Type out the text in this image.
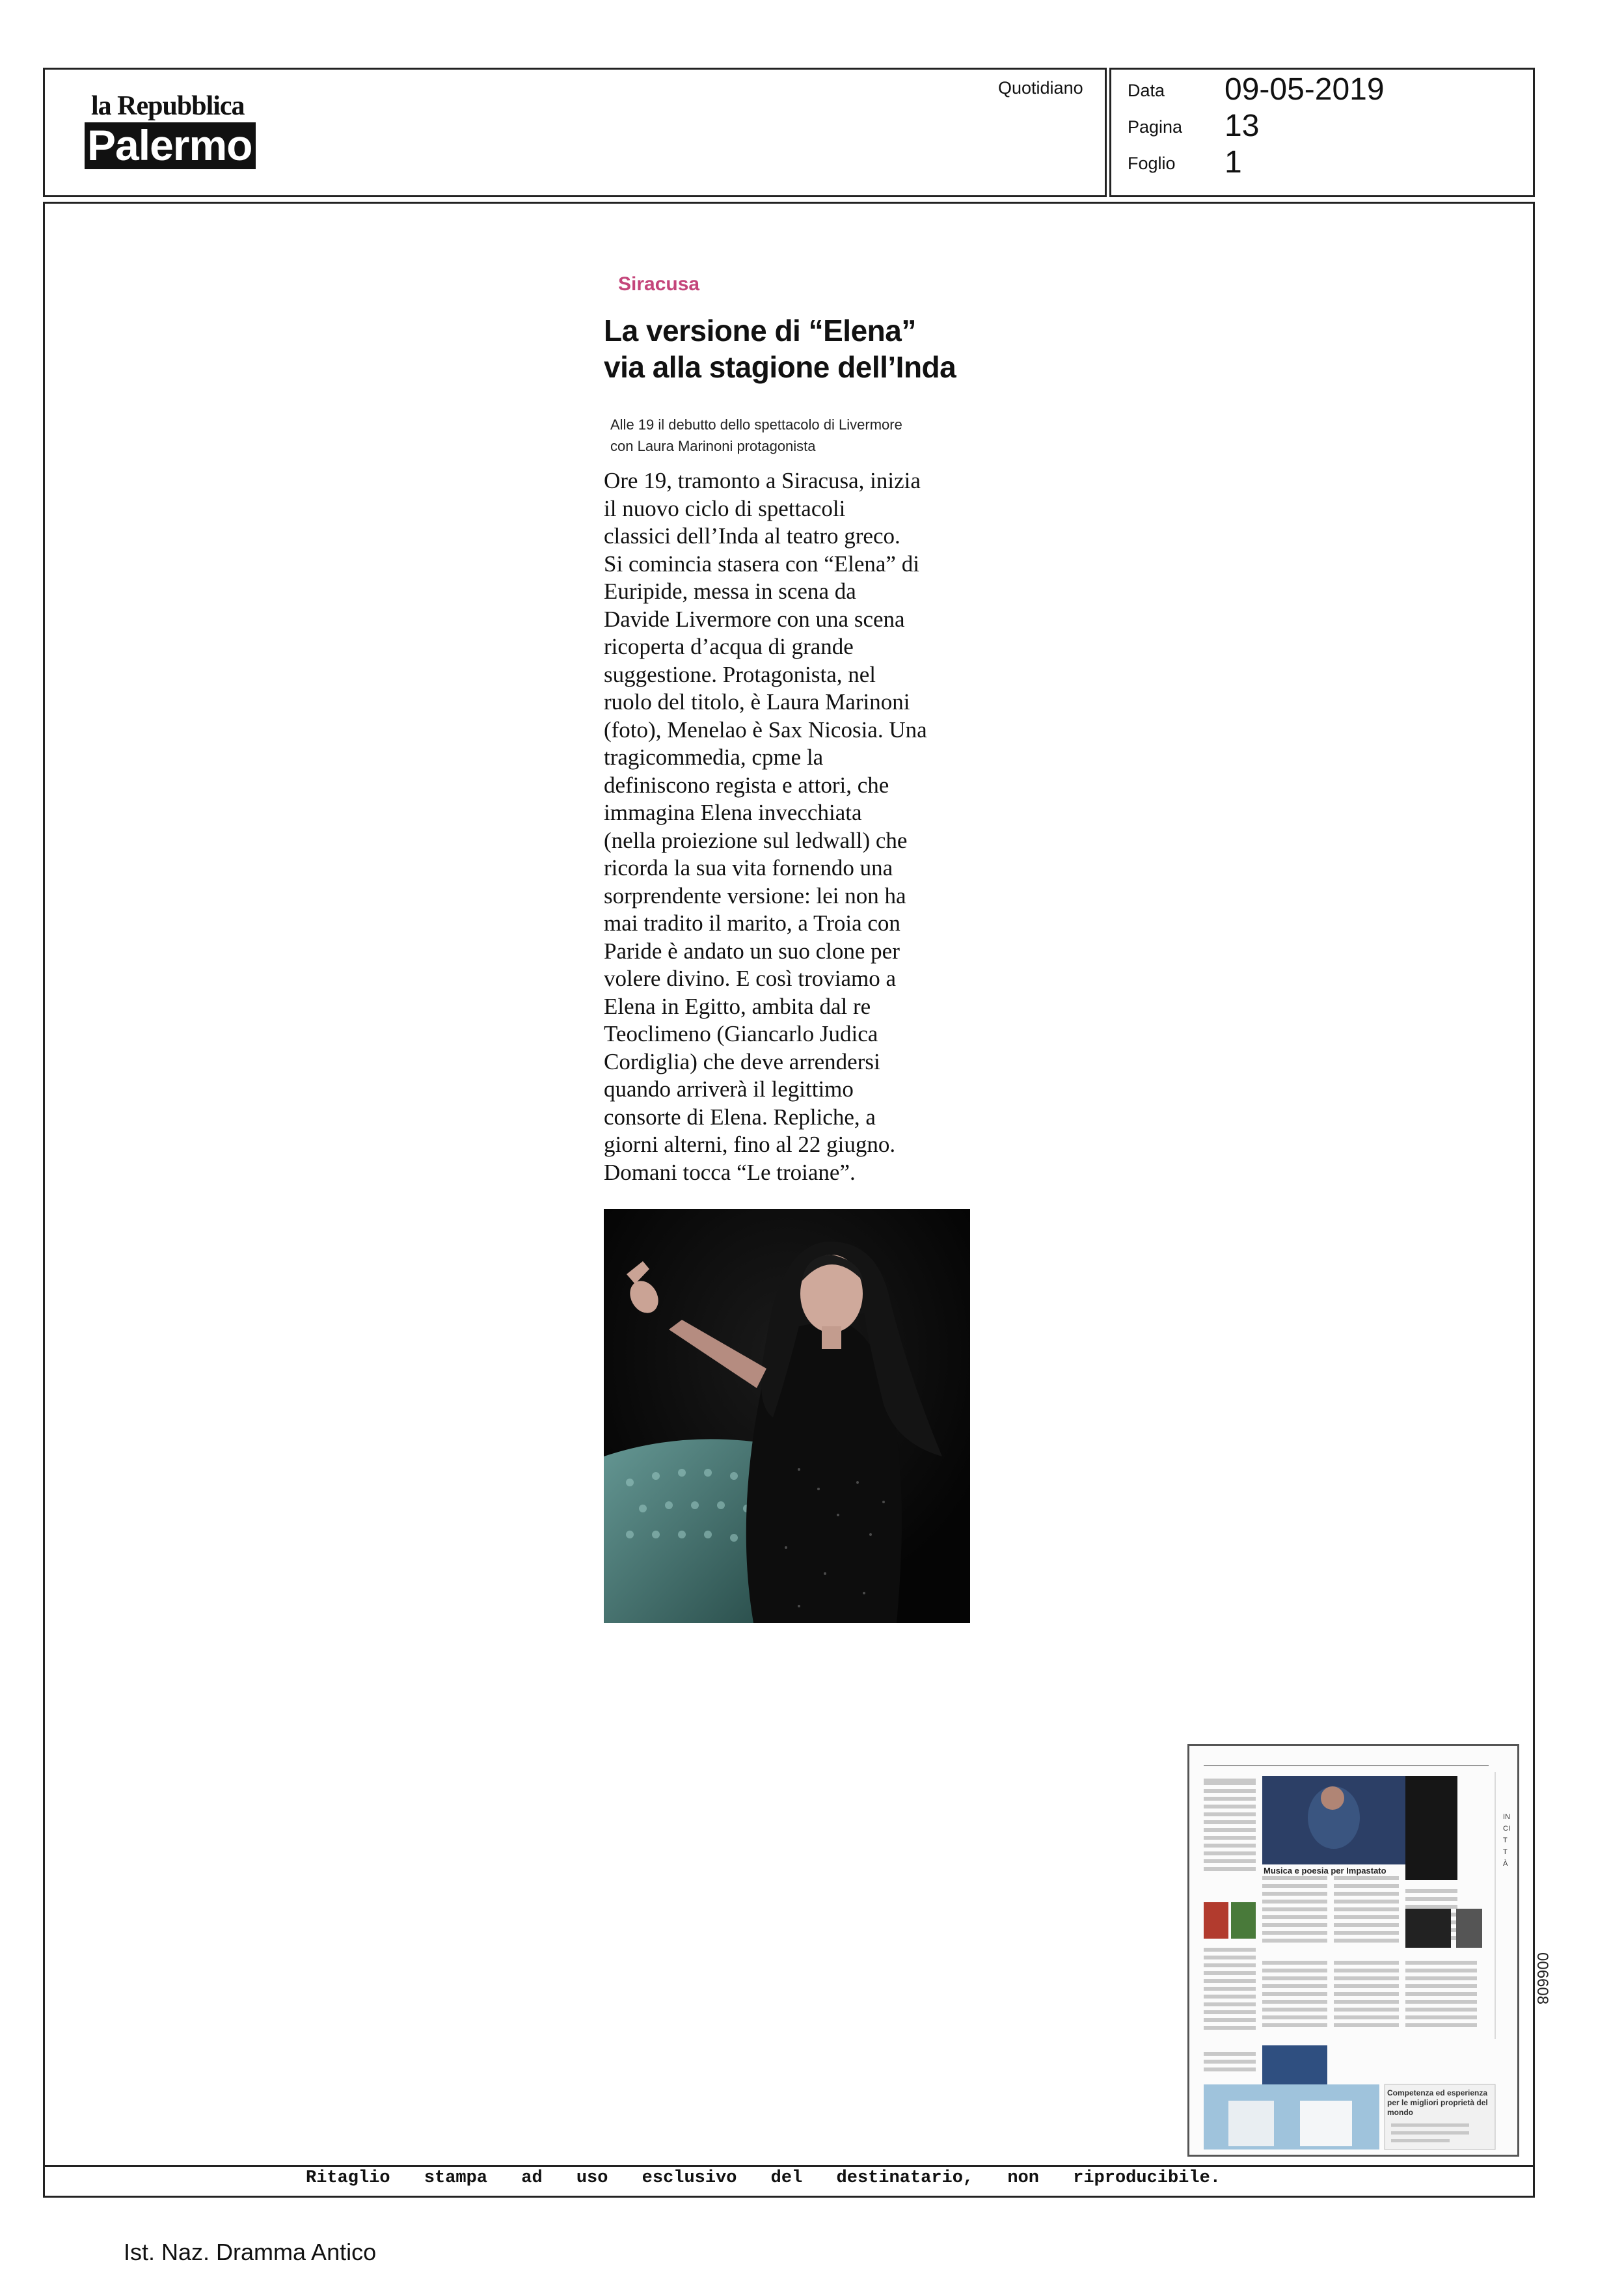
la Repubblica
Palermo
Quotidiano	Data 09-05-2019
Pagina 13
Foglio 1
Siracusa
La versione di “Elena”
via alla stagione dell’Inda
Alle 19 il debutto dello spettacolo di Livermore
con Laura Marinoni protagonista
Ore 19, tramonto a Siracusa, inizia
il nuovo ciclo di spettacoli
classici dell’Inda al teatro greco.
Si comincia stasera con “Elena” di
Euripide, messa in scena da
Davide Livermore con una scena
ricoperta d’acqua di grande
suggestione. Protagonista, nel
ruolo del titolo, è Laura Marinoni
(foto), Menelao è Sax Nicosia. Una
tragicommedia, cpme la
definiscono regista e attori, che
immagina Elena invecchiata
(nella proiezione sul ledwall) che
ricorda la sua vita fornendo una
sorprendente versione: lei non ha
mai tradito il marito, a Troia con
Paride è andato un suo clone per
volere divino. E così troviamo a
Elena in Egitto, ambita dal re
Teoclimeno (Giancarlo Judica
Cordiglia) che deve arrendersi
quando arriverà il legittimo
consorte di Elena. Repliche, a
giorni alterni, fino al 22 giugno.
Domani tocca “Le troiane”.
Musica e poesia per Impastato
Competenza ed esperienza per le migliori proprietà del mondo
IN CITTÀ
Ritaglio stampa ad uso esclusivo del destinatario, non riproducibile.
006608
Ist. Naz. Dramma Antico
